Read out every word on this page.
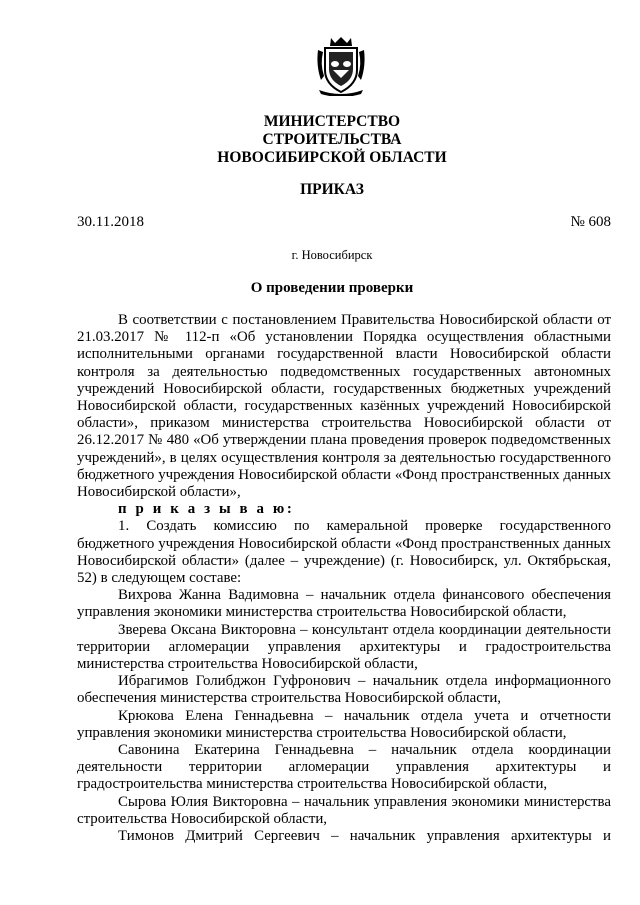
МИНИСТЕРСТВО
СТРОИТЕЛЬСТВА
НОВОСИБИРСКОЙ ОБЛАСТИ
ПРИКАЗ
30.11.2018	№ 608
г. Новосибирск
О проведении проверки

В соответствии с постановлением Правительства Новосибирской области от 21.03.2017 № 112-п «Об установлении Порядка осуществления областными исполнительными органами государственной власти Новосибирской области контроля за деятельностью подведомственных государственных автономных учреждений Новосибирской области, государственных бюджетных учреждений Новосибирской области, государственных казённых учреждений Новосибирской области», приказом министерства строительства Новосибирской области от 26.12.2017 № 480 «Об утверждении плана проведения проверок подведомственных учреждений», в целях осуществления контроля за деятельностью государственного бюджетного учреждения Новосибирской области «Фонд пространственных данных Новосибирской области»,

п р и к а з ы в а ю:

1. Создать комиссию по камеральной проверке государственного бюджетного учреждения Новосибирской области «Фонд пространственных данных Новосибирской области» (далее – учреждение) (г. Новосибирск, ул. Октябрьская, 52) в следующем составе:

Вихрова Жанна Вадимовна – начальник отдела финансового обеспечения управления экономики министерства строительства Новосибирской области,

Зверева Оксана Викторовна – консультант отдела координации деятельности территории агломерации управления архитектуры и градостроительства министерства строительства Новосибирской области,

Ибрагимов Голибджон Гуфронович – начальник отдела информационного обеспечения министерства строительства Новосибирской области,

Крюкова Елена Геннадьевна – начальник отдела учета и отчетности управления экономики министерства строительства Новосибирской области,

Савонина Екатерина Геннадьевна – начальник отдела координации деятельности территории агломерации управления архитектуры и градостроительства министерства строительства Новосибирской области,

Сырова Юлия Викторовна – начальник управления экономики министерства строительства Новосибирской области,

Тимонов Дмитрий Сергеевич – начальник управления архитектуры и
